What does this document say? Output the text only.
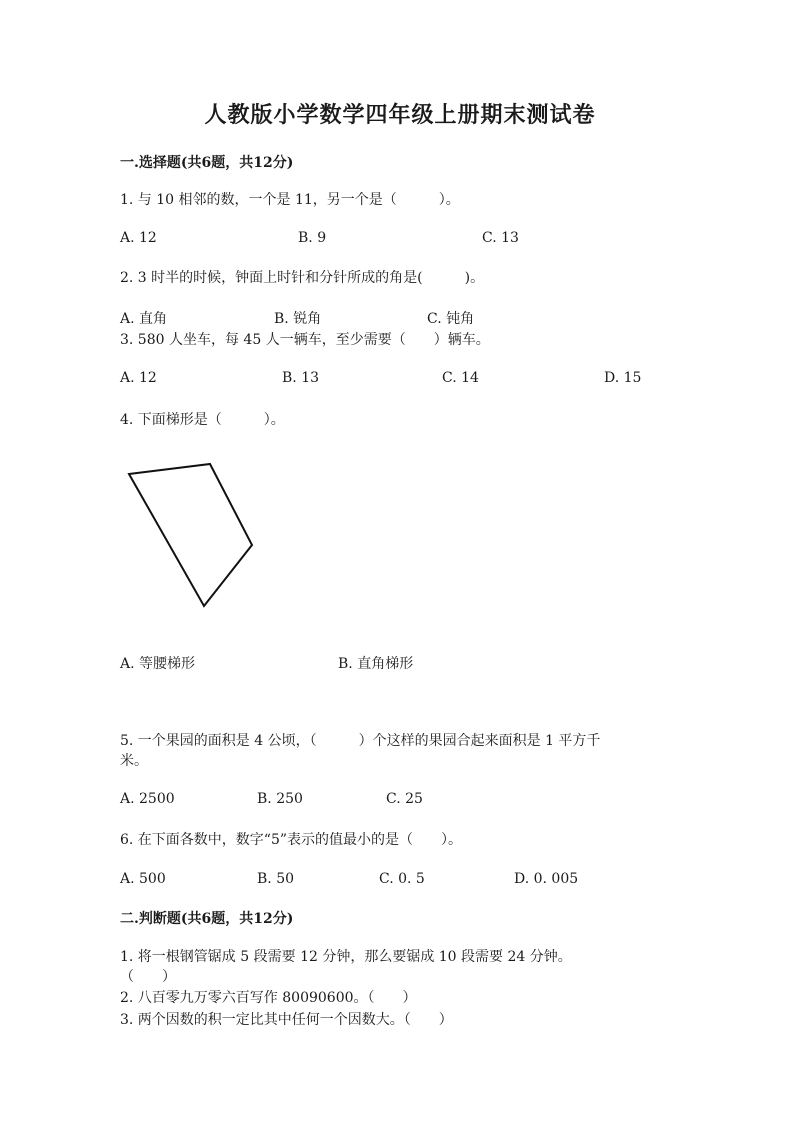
人教版小学数学四年级上册期末测试卷
一.选择题(共6题，共12分)
1. 与 10 相邻的数，一个是 11，另一个是（　　　）。
A. 12	B. 9	C. 13
2. 3 时半的时候，钟面上时针和分针所成的角是(　　　)。
A. 直角	B. 锐角	C. 钝角
3. 580 人坐车，每 45 人一辆车，至少需要（　　）辆车。
A. 12	B. 13	C. 14	D. 15
4. 下面梯形是（　　　）。
A. 等腰梯形	B. 直角梯形
5. 一个果园的面积是 4 公顷，（　　　）个这样的果园合起来面积是 1 平方千
米。
A. 2500	B. 250	C. 25
6. 在下面各数中，数字“5”表示的值最小的是（　　）。
A. 500	B. 50	C. 0. 5	D. 0. 005
二.判断题(共6题，共12分)
1. 将一根钢管锯成 5 段需要 12 分钟，那么要锯成 10 段需要 24 分钟。
（　　）
2. 八百零九万零六百写作 80090600。（　　）
3. 两个因数的积一定比其中任何一个因数大。（　　）
